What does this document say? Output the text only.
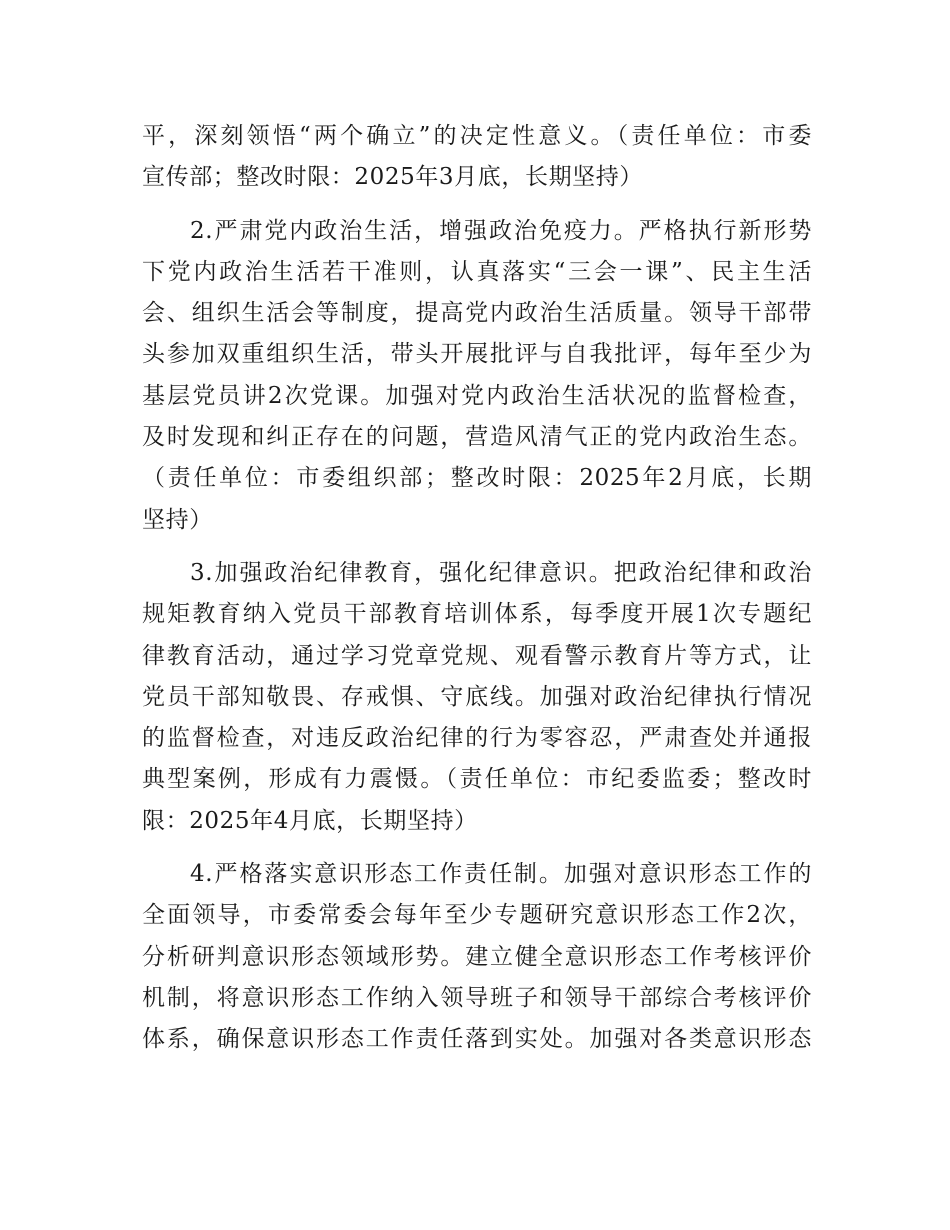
平，深刻领悟“两个确立”的决定性意义。（责任单位：市委
宣传部；整改时限：2025年3月底，长期坚持）
2.严肃党内政治生活，增强政治免疫力。严格执行新形势
下党内政治生活若干准则，认真落实“三会一课”、民主生活
会、组织生活会等制度，提高党内政治生活质量。领导干部带
头参加双重组织生活，带头开展批评与自我批评，每年至少为
基层党员讲2次党课。加强对党内政治生活状况的监督检查，
及时发现和纠正存在的问题，营造风清气正的党内政治生态。
（责任单位：市委组织部；整改时限：2025年2月底，长期
坚持）
3.加强政治纪律教育，强化纪律意识。把政治纪律和政治
规矩教育纳入党员干部教育培训体系，每季度开展1次专题纪
律教育活动，通过学习党章党规、观看警示教育片等方式，让
党员干部知敬畏、存戒惧、守底线。加强对政治纪律执行情况
的监督检查，对违反政治纪律的行为零容忍，严肃查处并通报
典型案例，形成有力震慑。（责任单位：市纪委监委；整改时
限：2025年4月底，长期坚持）
4.严格落实意识形态工作责任制。加强对意识形态工作的
全面领导，市委常委会每年至少专题研究意识形态工作2次，
分析研判意识形态领域形势。建立健全意识形态工作考核评价
机制，将意识形态工作纳入领导班子和领导干部综合考核评价
体系，确保意识形态工作责任落到实处。加强对各类意识形态
